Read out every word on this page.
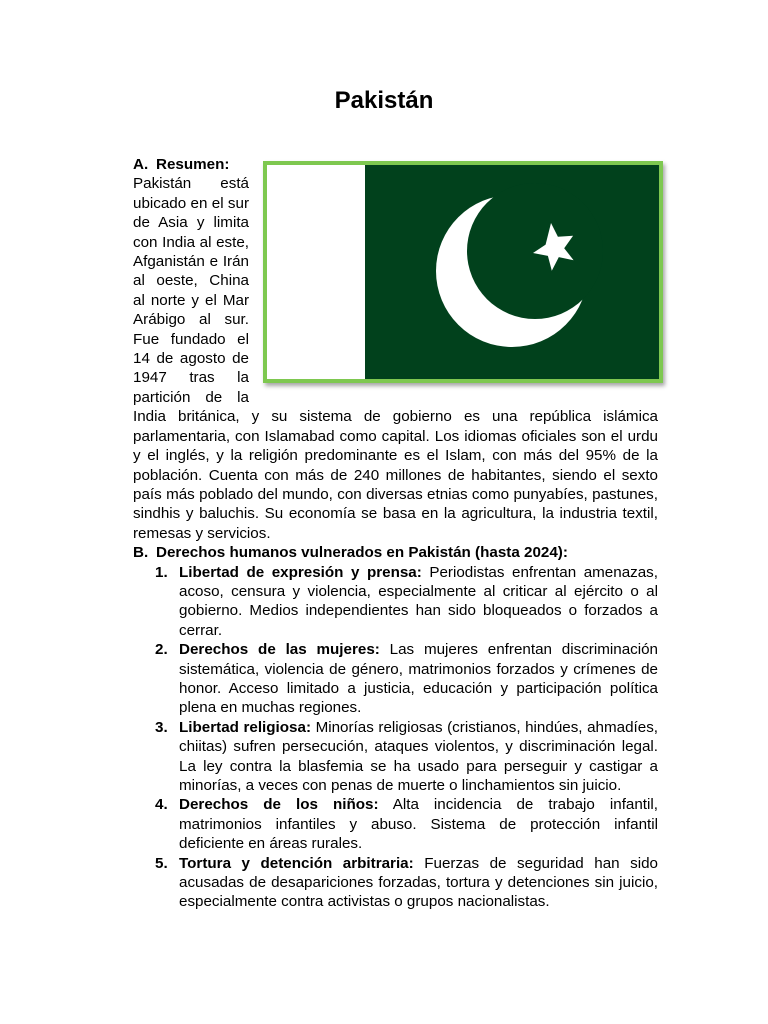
Pakistán
A. Resumen:
Pakistán está ubicado en el sur de Asia y limita con India al este, Afganistán e Irán al oeste, China al norte y el Mar Arábigo al sur. Fue fundado el 14 de agosto de 1947 tras la partición de la India británica, y su sistema de gobierno es una república islámica parlamentaria, con Islamabad como capital. Los idiomas oficiales son el urdu y el inglés, y la religión predominante es el Islam, con más del 95% de la población. Cuenta con más de 240 millones de habitantes, siendo el sexto país más poblado del mundo, con diversas etnias como punyabíes, pastunes, sindhis y baluchis. Su economía se basa en la agricultura, la industria textil, remesas y servicios.
B. Derechos humanos vulnerados en Pakistán (hasta 2024):
1. Libertad de expresión y prensa: Periodistas enfrentan amenazas, acoso, censura y violencia, especialmente al criticar al ejército o al gobierno. Medios independientes han sido bloqueados o forzados a cerrar.
2. Derechos de las mujeres: Las mujeres enfrentan discriminación sistemática, violencia de género, matrimonios forzados y crímenes de honor. Acceso limitado a justicia, educación y participación política plena en muchas regiones.
3. Libertad religiosa: Minorías religiosas (cristianos, hindúes, ahmadíes, chiitas) sufren persecución, ataques violentos, y discriminación legal. La ley contra la blasfemia se ha usado para perseguir y castigar a minorías, a veces con penas de muerte o linchamientos sin juicio.
4. Derechos de los niños: Alta incidencia de trabajo infantil, matrimonios infantiles y abuso. Sistema de protección infantil deficiente en áreas rurales.
5. Tortura y detención arbitraria: Fuerzas de seguridad han sido acusadas de desapariciones forzadas, tortura y detenciones sin juicio, especialmente contra activistas o grupos nacionalistas.
